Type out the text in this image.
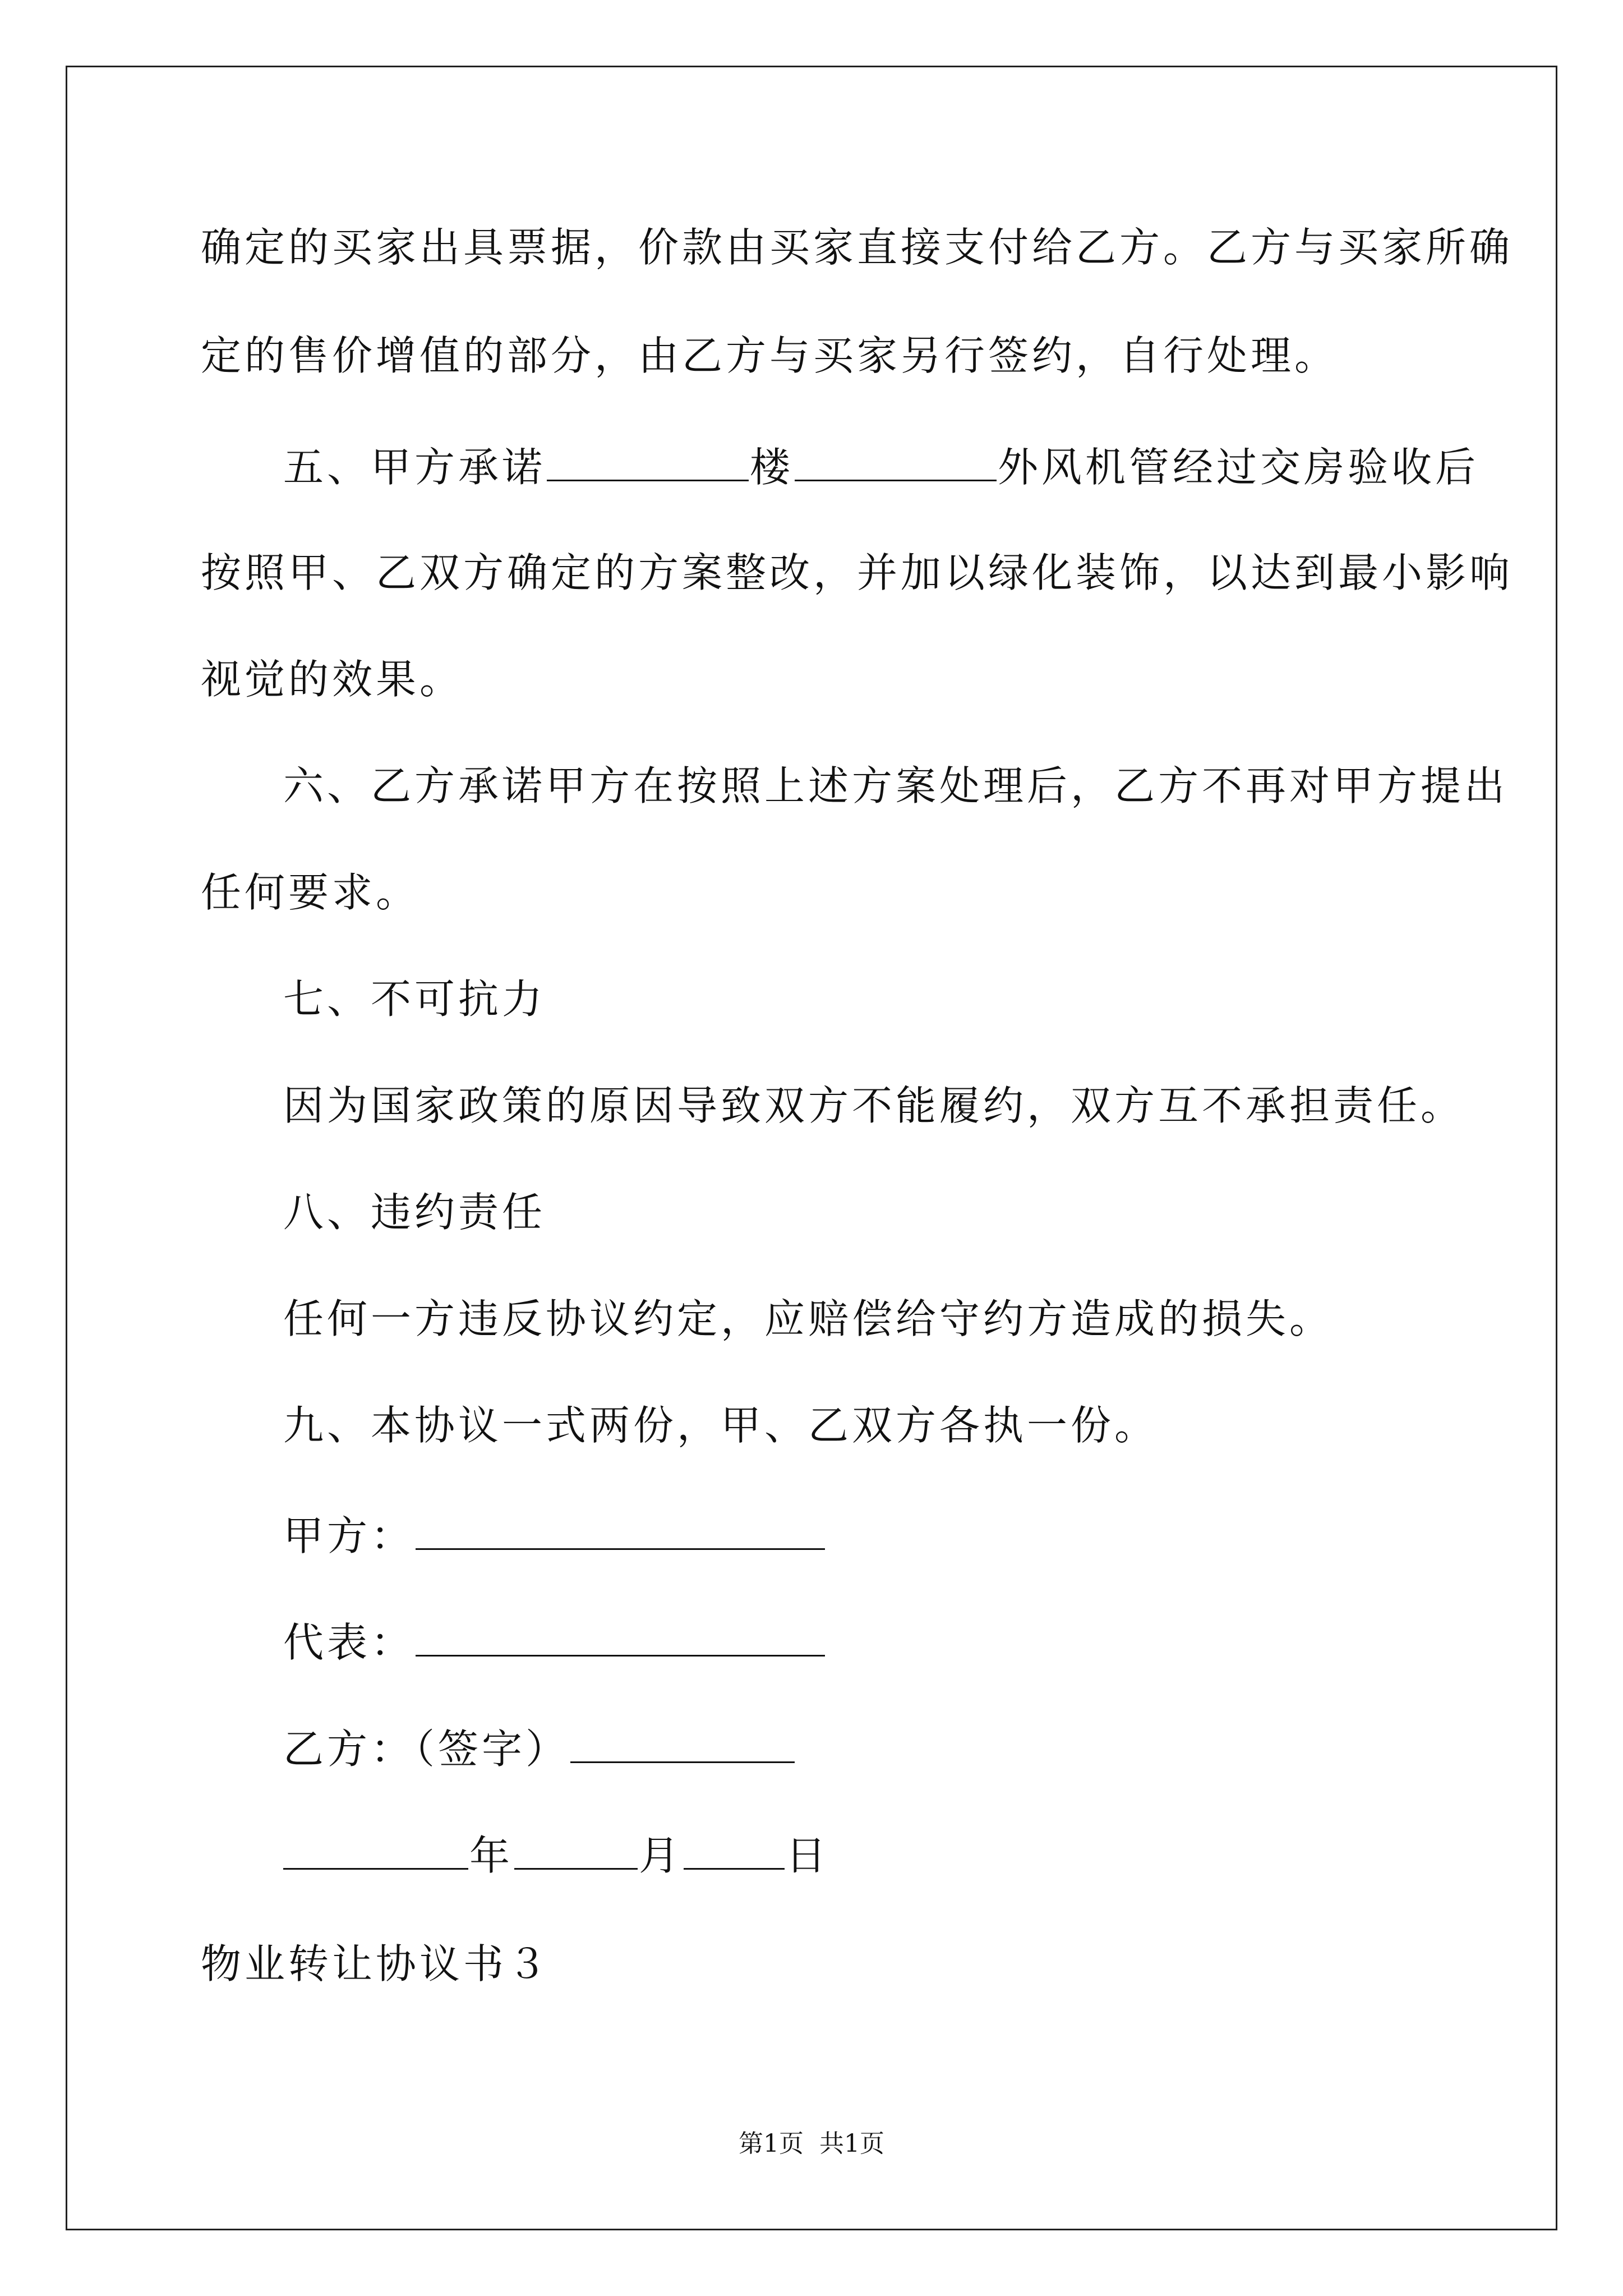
确定的买家出具票据，价款由买家直接支付给乙方。乙方与买家所确
定的售价增值的部分，由乙方与买家另行签约，自行处理。
五、甲方承诺	楼	外风机管经过交房验收后
按照甲、乙双方确定的方案整改，并加以绿化装饰，以达到最小影响
视觉的效果。
六、乙方承诺甲方在按照上述方案处理后，乙方不再对甲方提出
任何要求。
七、不可抗力
因为国家政策的原因导致双方不能履约，双方互不承担责任。
八、违约责任
任何一方违反协议约定，应赔偿给守约方造成的损失。
九、本协议一式两份，甲、乙双方各执一份。
甲方：
代表：
乙方：（签字）
年	月	日
物业转让协议书３
第1页 共1页
